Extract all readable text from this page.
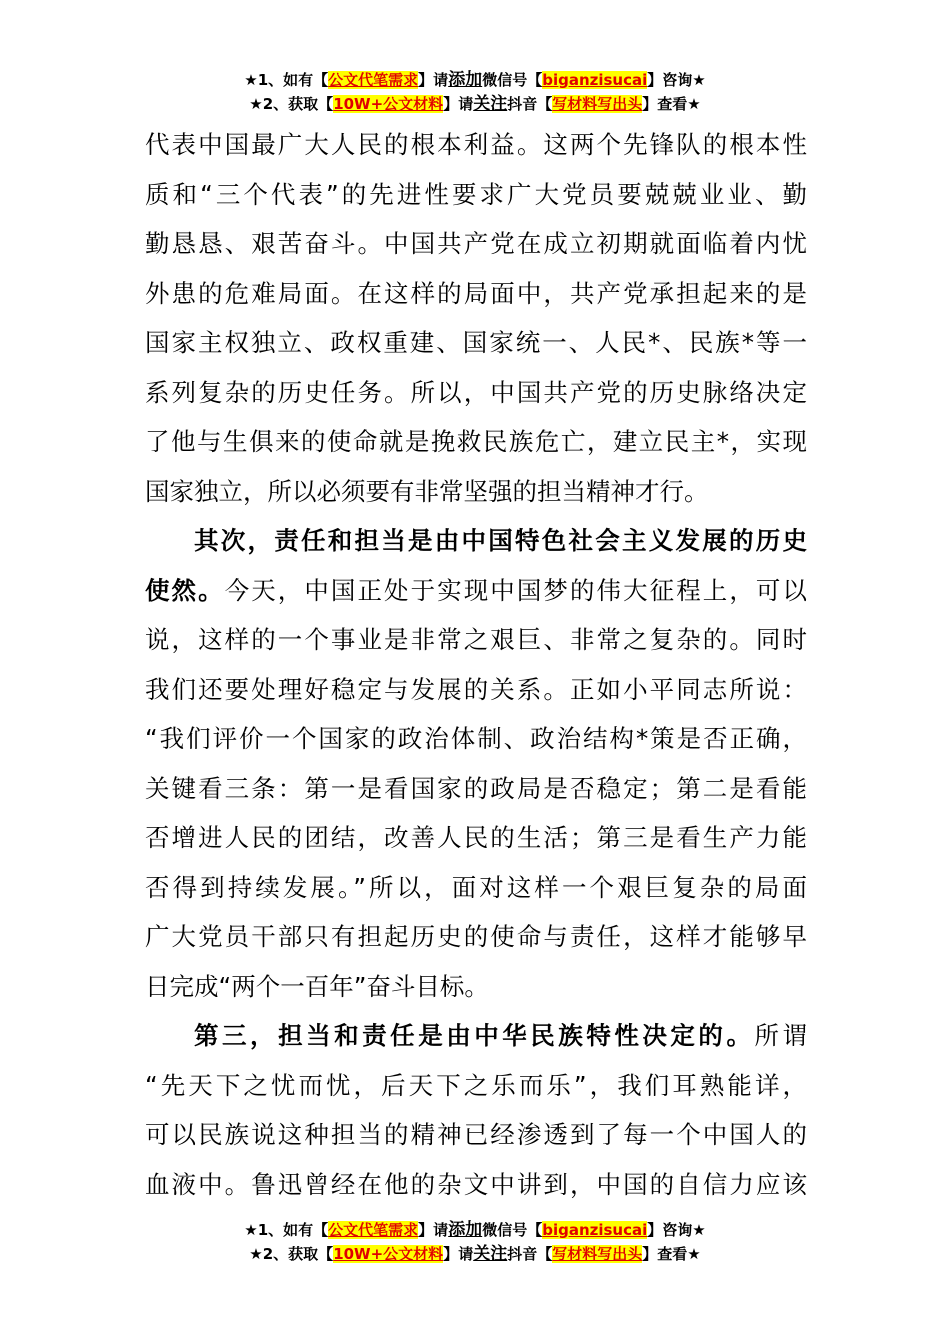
★1、如有【公文代笔需求】请添加微信号【biganzisucai】咨询★
★2、获取【10W+公文材料】请关注抖音【写材料写出头】查看★
代表中国最广大人民的根本利益。这两个先锋队的根本性
质和“三个代表”的先进性要求广大党员要兢兢业业、勤
勤恳恳、艰苦奋斗。中国共产党在成立初期就面临着内忧
外患的危难局面。在这样的局面中，共产党承担起来的是
国家主权独立、政权重建、国家统一、人民*、民族*等一
系列复杂的历史任务。所以，中国共产党的历史脉络决定
了他与生俱来的使命就是挽救民族危亡，建立民主*，实现
国家独立，所以必须要有非常坚强的担当精神才行。
其次，责任和担当是由中国特色社会主义发展的历史
使然。今天，中国正处于实现中国梦的伟大征程上，可以
说，这样的一个事业是非常之艰巨、非常之复杂的。同时
我们还要处理好稳定与发展的关系。正如小平同志所说：
“我们评价一个国家的政治体制、政治结构*策是否正确，
关键看三条：第一是看国家的政局是否稳定；第二是看能
否增进人民的团结，改善人民的生活；第三是看生产力能
否得到持续发展。”所以，面对这样一个艰巨复杂的局面
广大党员干部只有担起历史的使命与责任，这样才能够早
日完成“两个一百年”奋斗目标。
第三，担当和责任是由中华民族特性决定的。所谓
“先天下之忧而忧，后天下之乐而乐”，我们耳熟能详，
可以民族说这种担当的精神已经渗透到了每一个中国人的
血液中。鲁迅曾经在他的杂文中讲到，中国的自信力应该
★1、如有【公文代笔需求】请添加微信号【biganzisucai】咨询★
★2、获取【10W+公文材料】请关注抖音【写材料写出头】查看★
